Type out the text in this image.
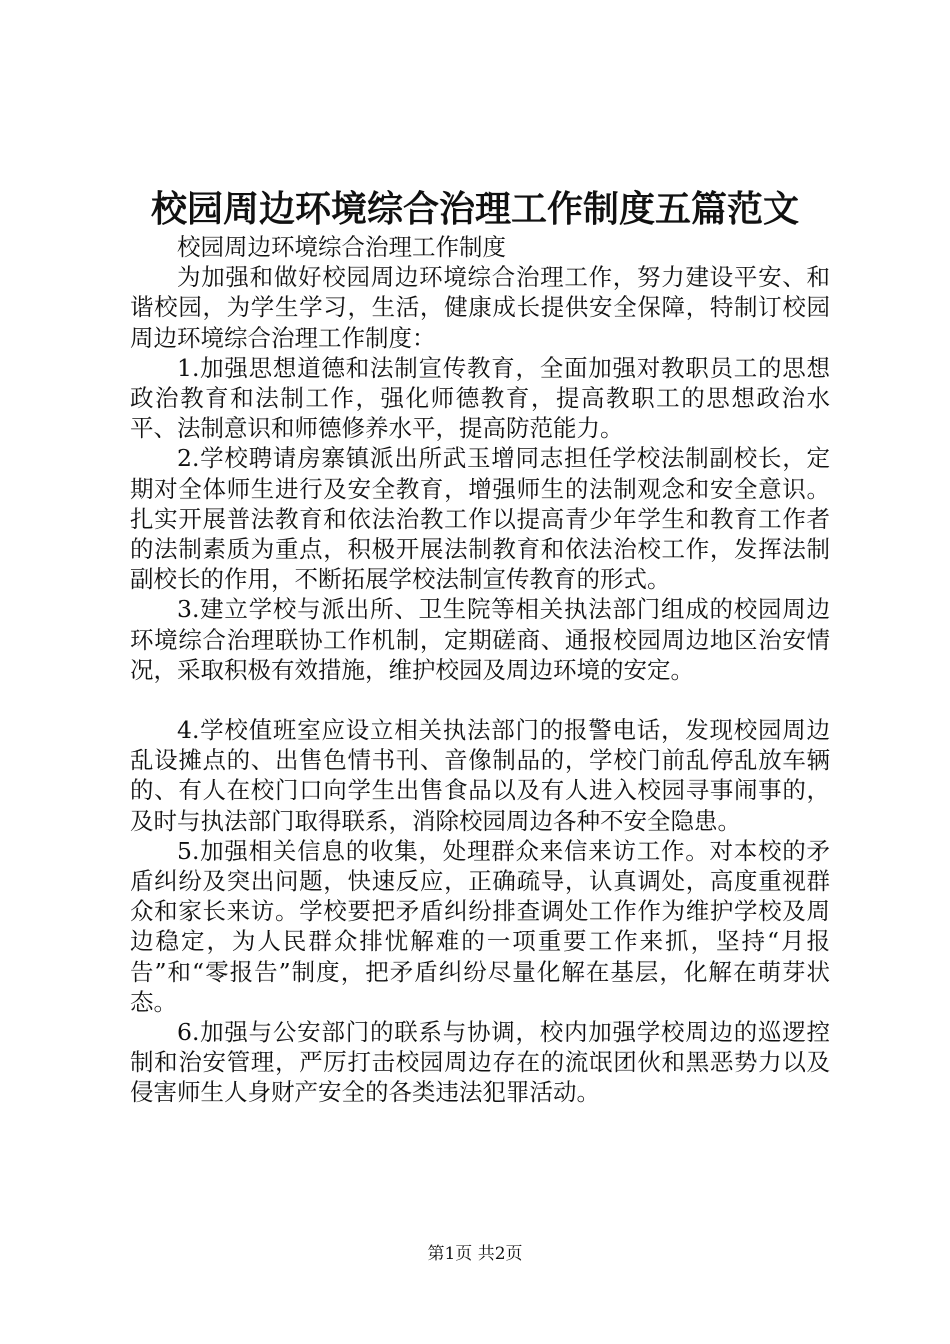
校园周边环境综合治理工作制度五篇范文

校园周边环境综合治理工作制度

为加强和做好校园周边环境综合治理工作，努力建设平安、和谐校园，为学生学习，生活，健康成长提供安全保障，特制订校园周边环境综合治理工作制度：

1.加强思想道德和法制宣传教育，全面加强对教职员工的思想政治教育和法制工作，强化师德教育，提高教职工的思想政治水平、法制意识和师德修养水平，提高防范能力。

2.学校聘请房寨镇派出所武玉增同志担任学校法制副校长，定期对全体师生进行及安全教育，增强师生的法制观念和安全意识。扎实开展普法教育和依法治教工作以提高青少年学生和教育工作者的法制素质为重点，积极开展法制教育和依法治校工作，发挥法制副校长的作用，不断拓展学校法制宣传教育的形式。

3.建立学校与派出所、卫生院等相关执法部门组成的校园周边环境综合治理联协工作机制，定期磋商、通报校园周边地区治安情况，采取积极有效措施，维护校园及周边环境的安定。

4.学校值班室应设立相关执法部门的报警电话，发现校园周边乱设摊点的、出售色情书刊、音像制品的，学校门前乱停乱放车辆的、有人在校门口向学生出售食品以及有人进入校园寻事闹事的，及时与执法部门取得联系，消除校园周边各种不安全隐患。

5.加强相关信息的收集，处理群众来信来访工作。对本校的矛盾纠纷及突出问题，快速反应，正确疏导，认真调处，高度重视群众和家长来访。学校要把矛盾纠纷排查调处工作作为维护学校及周边稳定，为人民群众排忧解难的一项重要工作来抓，坚持“月报告”和“零报告”制度，把矛盾纠纷尽量化解在基层，化解在萌芽状态。

6.加强与公安部门的联系与协调，校内加强学校周边的巡逻控制和治安管理，严厉打击校园周边存在的流氓团伙和黑恶势力以及侵害师生人身财产安全的各类违法犯罪活动。

第1页 共2页
